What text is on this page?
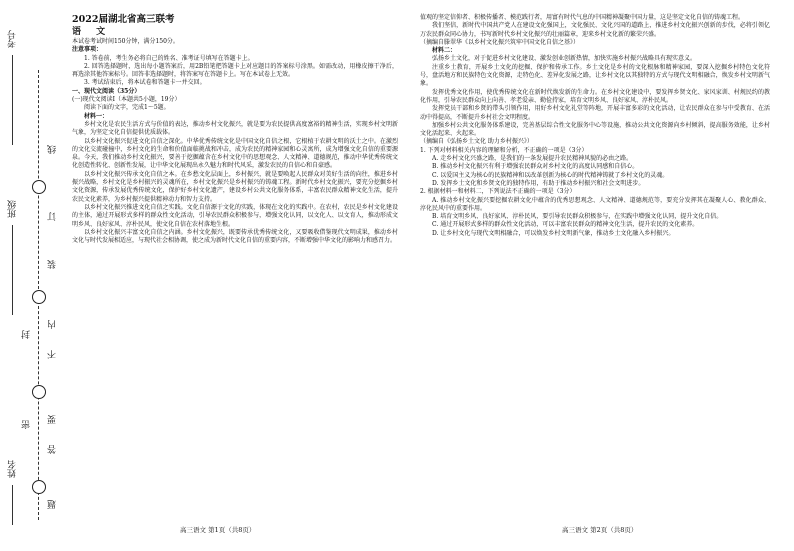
考号
班级
姓名
线
订
装
内
不
要
答
题
封
密

2022届湖北省高三联考

语 文

本试卷考试时间150分钟，满分150分。

注意事项：

1. 答卷前，考生务必将自己的姓名、准考证号填写在答题卡上。

2. 回答选择题时，选出每小题答案后，用2B铅笔把答题卡上对应题目的答案标号涂黑。如需改动，用橡皮擦干净后，再选涂其他答案标号。回答非选择题时，将答案写在答题卡上。写在本试卷上无效。

3. 考试结束后，将本试卷和答题卡一并交回。

一、现代文阅读（35分）

(一)现代文阅读Ⅰ（本题共5小题，19分）

阅读下面的文字，完成1～5题。

材料一：

乡村文化是农民生活方式与价值的表达，推动乡村文化振兴，就是要为农民提供高度富裕的精神生活，实现乡村文明新气象，为坚定文化自信提供优质载体。

以乡村文化振兴促进文化自信之深化。中华优秀传统文化是中国文化自信之根，它根植于农耕文明的沃土之中。在激烈的文化交流碰撞中，乡村文化的生命和价值面临挑战和冲击，成为农民的精神家园和心灵寓所，成为增强文化自信的重要源泉。今天，我们推动乡村文化振兴，要善于挖掘蕴含在乡村文化中的思想观念、人文精神、道德规范，推动中华优秀传统文化创造性转化、创新性发展，让中华文化展现出永久魅力和时代风采，激发农民的自信心和自豪感。

以乡村文化振兴传承文化自信之本。在乡愁文化层面上，乡村振兴，就是要唤起人民群众对美好生活的向往，推进乡村振兴战略，乡村文化是乡村振兴的灵魂所在，乡村文化振兴是乡村振兴的铸魂工程。新时代乡村文化振兴，要充分挖掘乡村文化资源，传承发展优秀传统文化，保护好乡村文化遗产，建设乡村公共文化服务体系，丰富农民群众精神文化生活，提升农民文化素养，为乡村振兴提供精神动力和智力支持。

以乡村文化振兴推进文化自信之实践。文化自信源于文化的实践，体现在文化的实践中。在农村，农民是乡村文化建设的主体，通过开展形式多样的群众性文化活动，引导农民群众积极参与，增强文化认同，以文化人、以文育人，推动形成文明乡风、良好家风、淳朴民风，使文化自信在农村落地生根。

以乡村文化振兴丰富文化自信之内涵。乡村文化振兴，既要传承优秀传统文化，又要吸收借鉴现代文明成果，推动乡村文化与时代发展相适应，与现代社会相协调，使之成为新时代文化自信的重要内容，不断增强中华文化的影响力和感召力。

高三语文 第1页（共8页）

值观的坚定信仰者、积极传播者、模范践行者，用富有时代气息的中国精神凝聚中国力量，这是坚定文化自信的铸魂工程。

我们坚信，新时代中国共产党人在建设文化强国上，文化强民、文化兴国的道路上，推进乡村文化振兴创新的步伐，必将引领亿万农民群众同心协力，书写新时代乡村文化振兴的壮丽篇章，迎来乡村文化新的繁荣兴盛。

（摘编自滕翠华《以乡村文化振兴筑牢中国文化自信之基》）

材料二：

弘扬乡土文化，对于促进乡村文化建设、激发创业创新热情，加快实施乡村振兴战略具有现实意义。

注重乡土教育，开展乡土文化的挖掘、保护和传承工作。乡土文化是乡村的文化根脉和精神家园，要深入挖掘乡村特色文化符号，盘活地方和民族特色文化资源，走特色化、差异化发展之路，让乡村文化以其独特的方式与现代文明相融合，焕发乡村文明新气象。

发挥优秀文化作用，使优秀传统文化在新时代焕发新的生命力。在乡村文化建设中，要发挥乡贤文化、家风家训、村规民约的教化作用，引导农民群众向上向善、孝老爱亲、勤俭持家，培育文明乡风、良好家风、淳朴民风。

发挥党员干部和乡贤的带头引领作用，用好乡村文化礼堂等阵地，开展丰富多彩的文化活动，让农民群众在参与中受教育、在活动中得提高，不断提升乡村社会文明程度。

加强乡村公共文化服务体系建设，完善基层综合性文化服务中心等设施，推动公共文化资源向乡村倾斜，提高服务效能，让乡村文化活起来、火起来。

（摘编自《弘扬乡土文化 助力乡村振兴》）

1. 下列对材料相关内容的理解和分析，不正确的一项是（3分）

A. 走乡村文化兴盛之路，是我们的一条发展提升农民精神风貌的必由之路。

B. 推动乡村文化振兴有利于增强农民群众对乡村文化的高度认同感和自信心。

C. 以爱国主义为核心的民族精神和以改革创新为核心的时代精神铸就了乡村文化的灵魂。

D. 发挥乡土文化和乡贤文化的独特作用，有助于推动乡村振兴和社会文明进步。

2. 根据材料一和材料二，下列说法不正确的一项是（3分）

A. 推动乡村文化振兴要挖掘农耕文化中蕴含的优秀思想观念、人文精神、道德规范等，要充分发挥其在凝聚人心、教化群众、淳化民风中的重要作用。

B. 培育文明乡风、良好家风、淳朴民风，要引导农民群众积极参与，在实践中增强文化认同，提升文化自信。

C. 通过开展形式多样的群众性文化活动，可以丰富农民群众的精神文化生活，提升农民的文化素养。

D. 让乡村文化与现代文明相融合，可以焕发乡村文明新气象，推动乡土文化融入乡村振兴。

高三语文 第2页（共8页）
